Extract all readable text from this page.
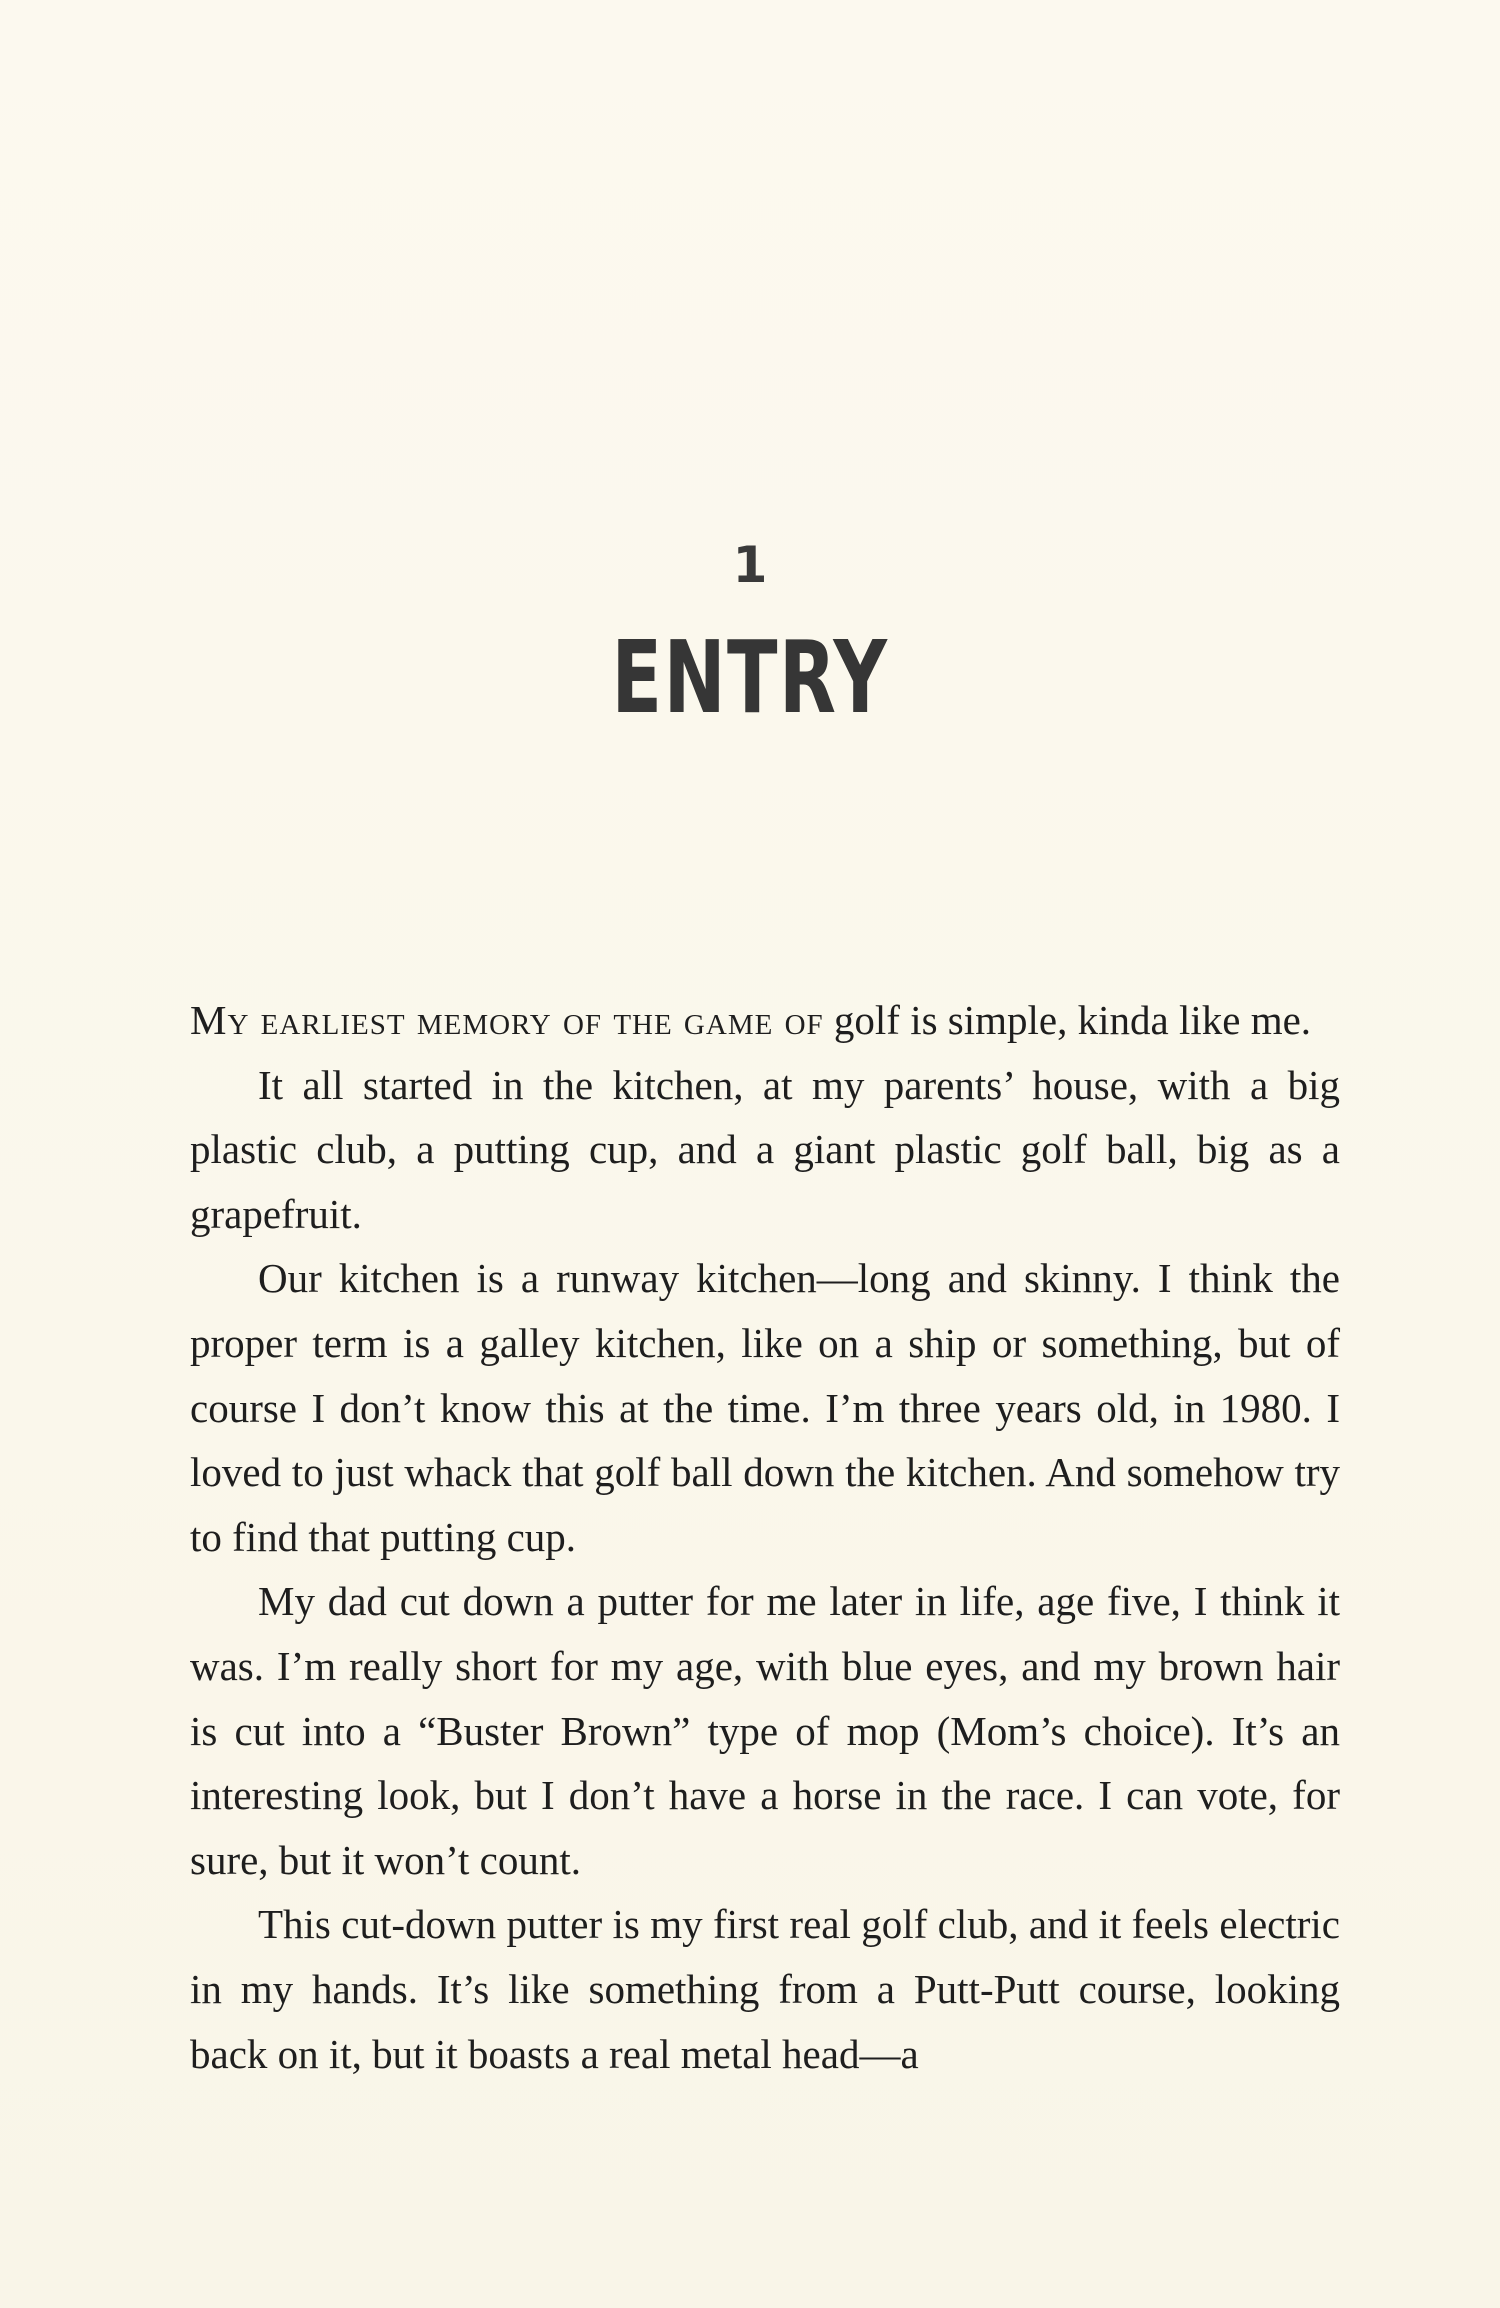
1
ENTRY

My earliest memory of the game of golf is simple, kinda like me.

It all started in the kitchen, at my parents’ house, with a big plastic club, a putting cup, and a giant plastic golf ball, big as a grapefruit.

Our kitchen is a runway kitchen—long and skinny. I think the proper term is a galley kitchen, like on a ship or something, but of course I don’t know this at the time. I’m three years old, in 1980. I loved to just whack that golf ball down the kitchen. And somehow try to find that putting cup.

My dad cut down a putter for me later in life, age five, I think it was. I’m really short for my age, with blue eyes, and my brown hair is cut into a “Buster Brown” type of mop (Mom’s choice). It’s an interesting look, but I don’t have a horse in the race. I can vote, for sure, but it won’t count.

This cut-down putter is my first real golf club, and it feels electric in my hands. It’s like something from a Putt-Putt course, looking back on it, but it boasts a real metal head—a
